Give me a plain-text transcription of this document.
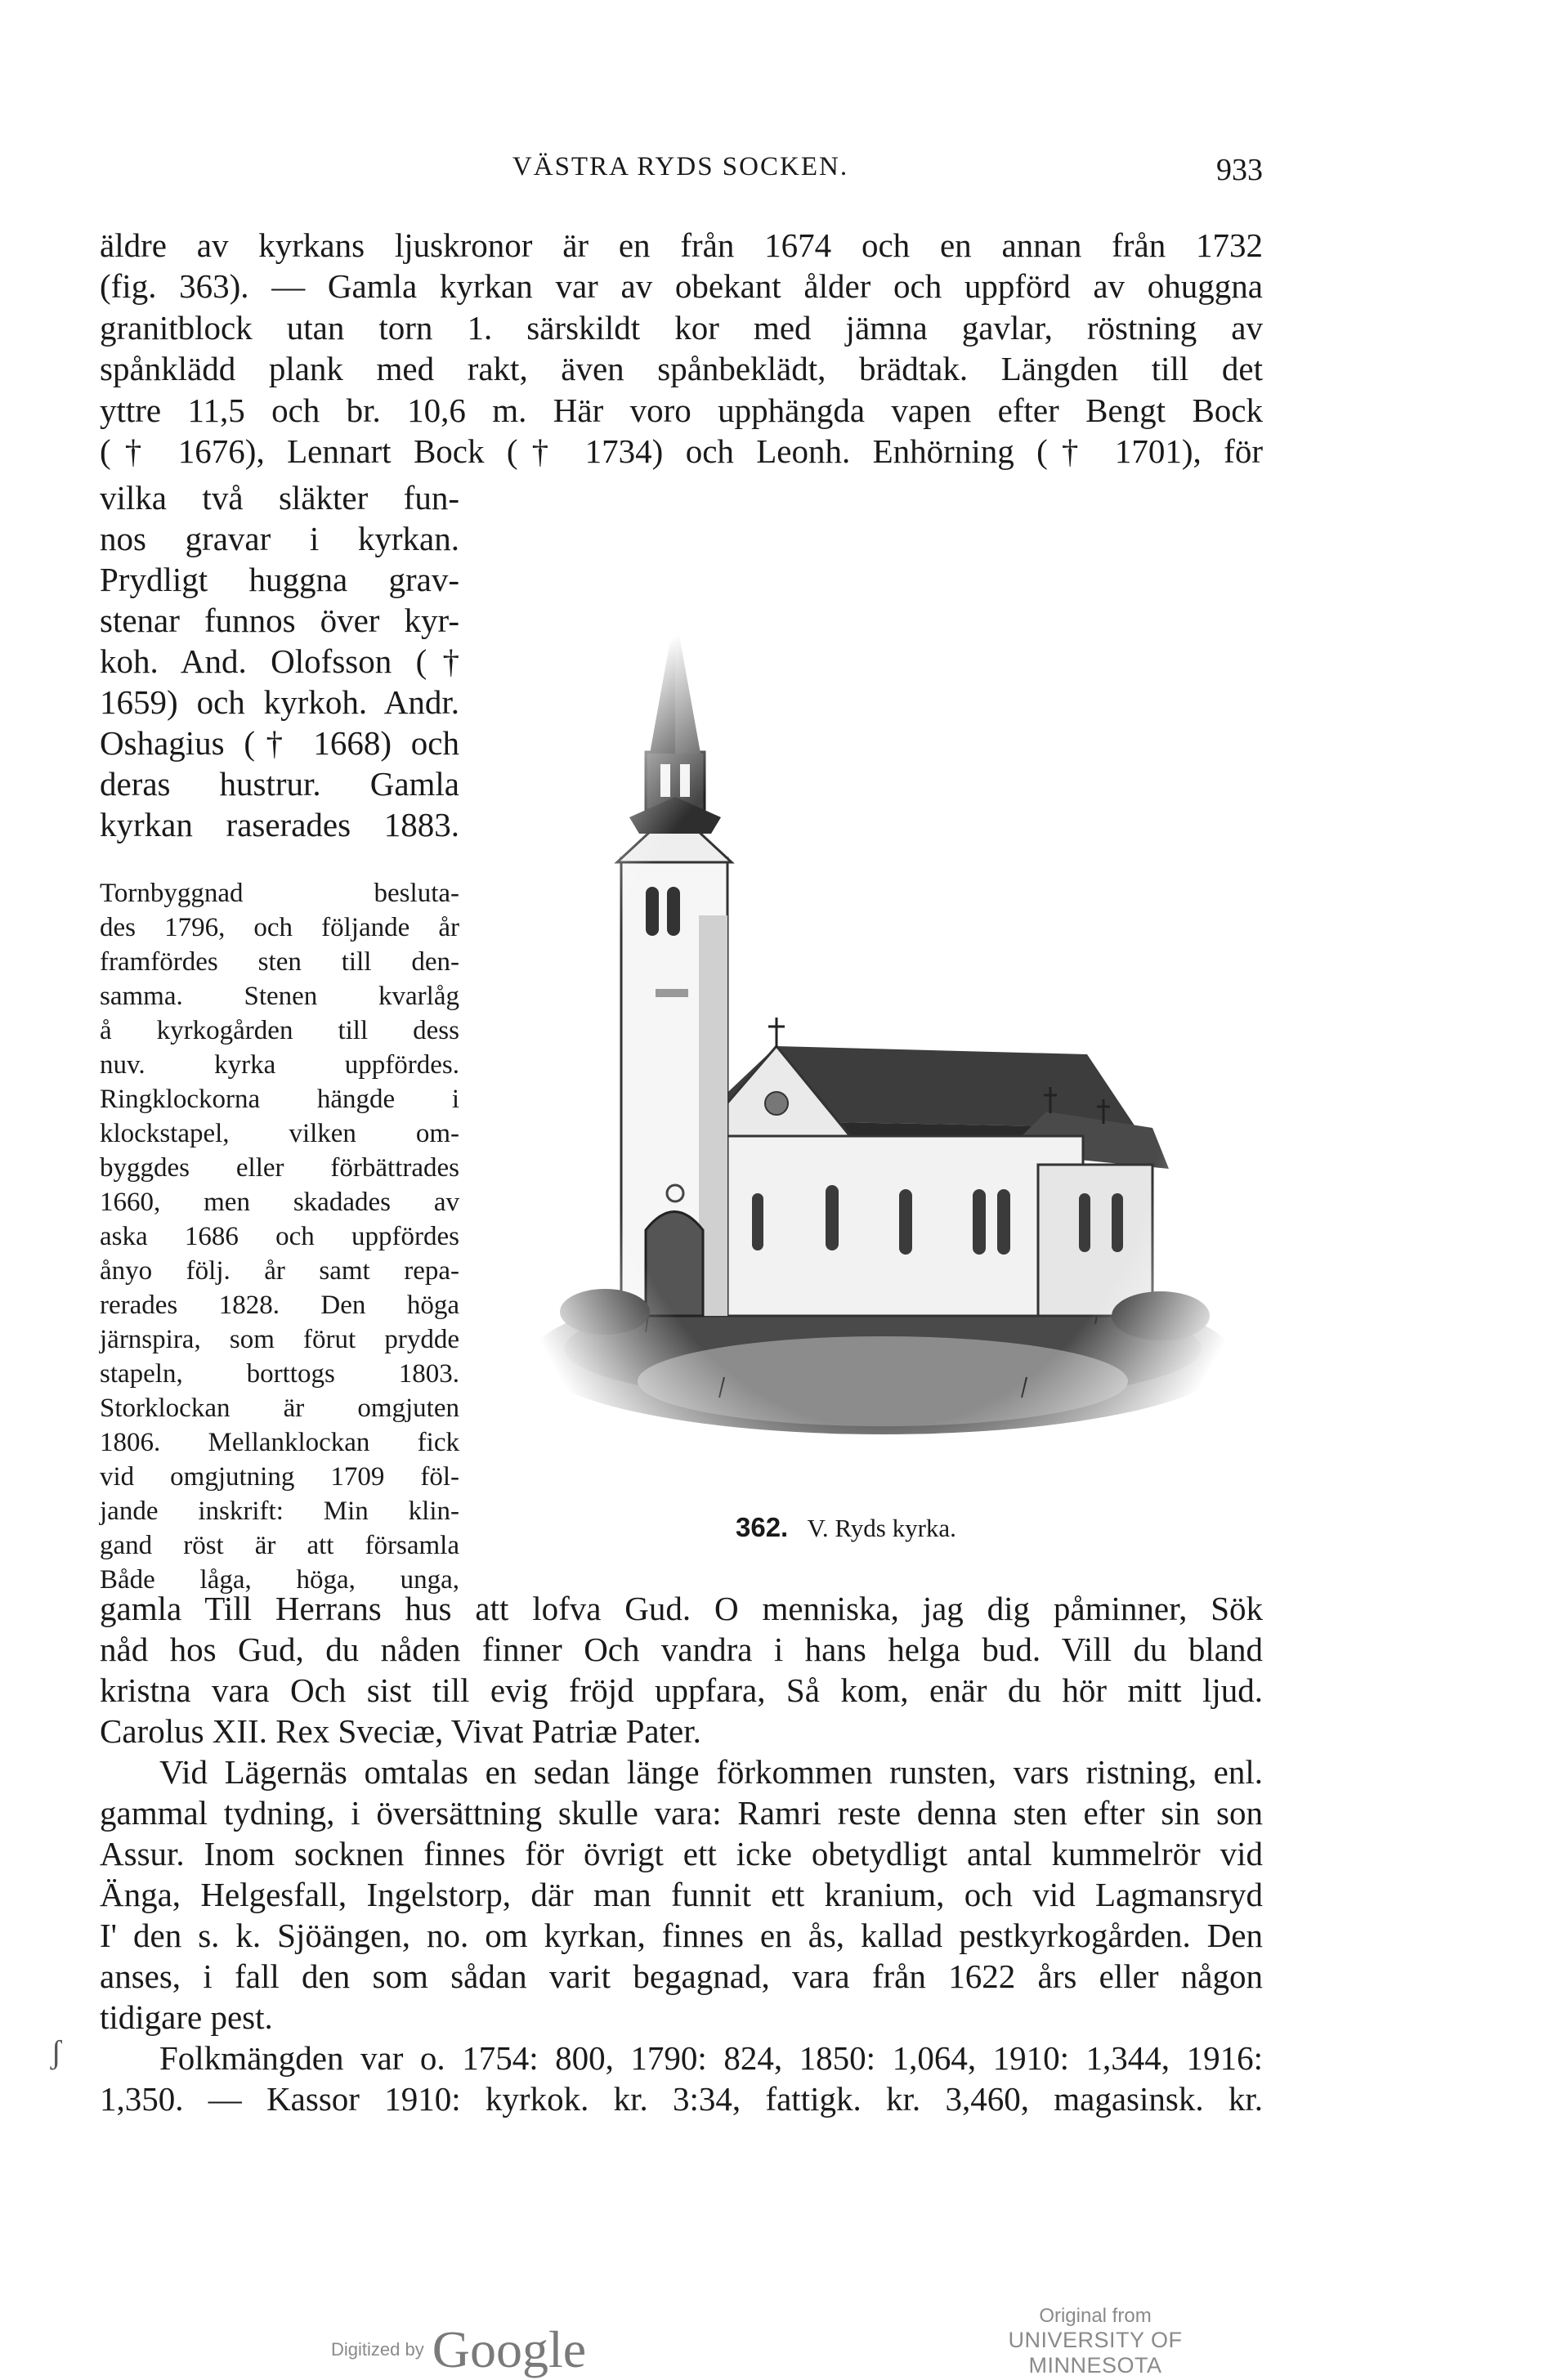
VÄSTRA RYDS SOCKEN.	933
äldre av kyrkans ljuskronor är en från 1674 och en annan från 1732
(fig. 363). — Gamla kyrkan var av obekant ålder och uppförd av ohuggna
granitblock utan torn 1. särskildt kor med jämna gavlar, röstning av
spånklädd plank med rakt, även spånbeklädt, brädtak. Längden till det
yttre 11,5 och br. 10,6 m. Här voro upphängda vapen efter Bengt Bock
(† 1676), Lennart Bock († 1734) och Leonh. Enhörning († 1701), för
vilka två släkter fun-
nos gravar i kyrkan.
Prydligt huggna grav-
stenar funnos över kyr-
koh. And. Olofsson (†
1659) och kyrkoh. Andr.
Oshagius († 1668) och
deras hustrur. Gamla
kyrkan raserades 1883.
Tornbyggnad besluta-
des 1796, och följande år
framfördes sten till den-
samma. Stenen kvarlåg
å kyrkogården till dess
nuv. kyrka uppfördes.
Ringklockorna hängde i
klockstapel, vilken om-
byggdes eller förbättrades
1660, men skadades av
aska 1686 och uppfördes
ånyo följ. år samt repa-
rerades 1828. Den höga
järnspira, som förut prydde
stapeln, borttogs 1803.
Storklockan är omgjuten
1806. Mellanklockan fick
vid omgjutning 1709 föl-
jande inskrift: Min klin-
gand röst är att församla
Både låga, höga, unga,
362. V. Ryds kyrka.
gamla Till Herrans hus att lofva Gud. O menniska, jag dig påminner, Sök
nåd hos Gud, du nåden finner Och vandra i hans helga bud. Vill du bland
kristna vara Och sist till evig fröjd uppfara, Så kom, enär du hör mitt ljud.
Carolus XII. Rex Sveciæ, Vivat Patriæ Pater.
Vid Lägernäs omtalas en sedan länge förkommen runsten, vars ristning, enl.
gammal tydning, i översättning skulle vara: Ramri reste denna sten efter sin son
Assur. Inom socknen finnes för övrigt ett icke obetydligt antal kummelrör vid
Änga, Helgesfall, Ingelstorp, där man funnit ett kranium, och vid Lagmansryd
I' den s. k. Sjöängen, no. om kyrkan, finnes en ås, kallad pestkyrkogården. Den
anses, i fall den som sådan varit begagnad, vara från 1622 års eller någon
tidigare pest.
Folkmängden var o. 1754: 800, 1790: 824, 1850: 1,064, 1910: 1,344, 1916:
1,350. — Kassor 1910: kyrkok. kr. 3:34, fattigk. kr. 3,460, magasinsk. kr.
ʃ
Digitized by Google
Original from
UNIVERSITY OF MINNESOTA
